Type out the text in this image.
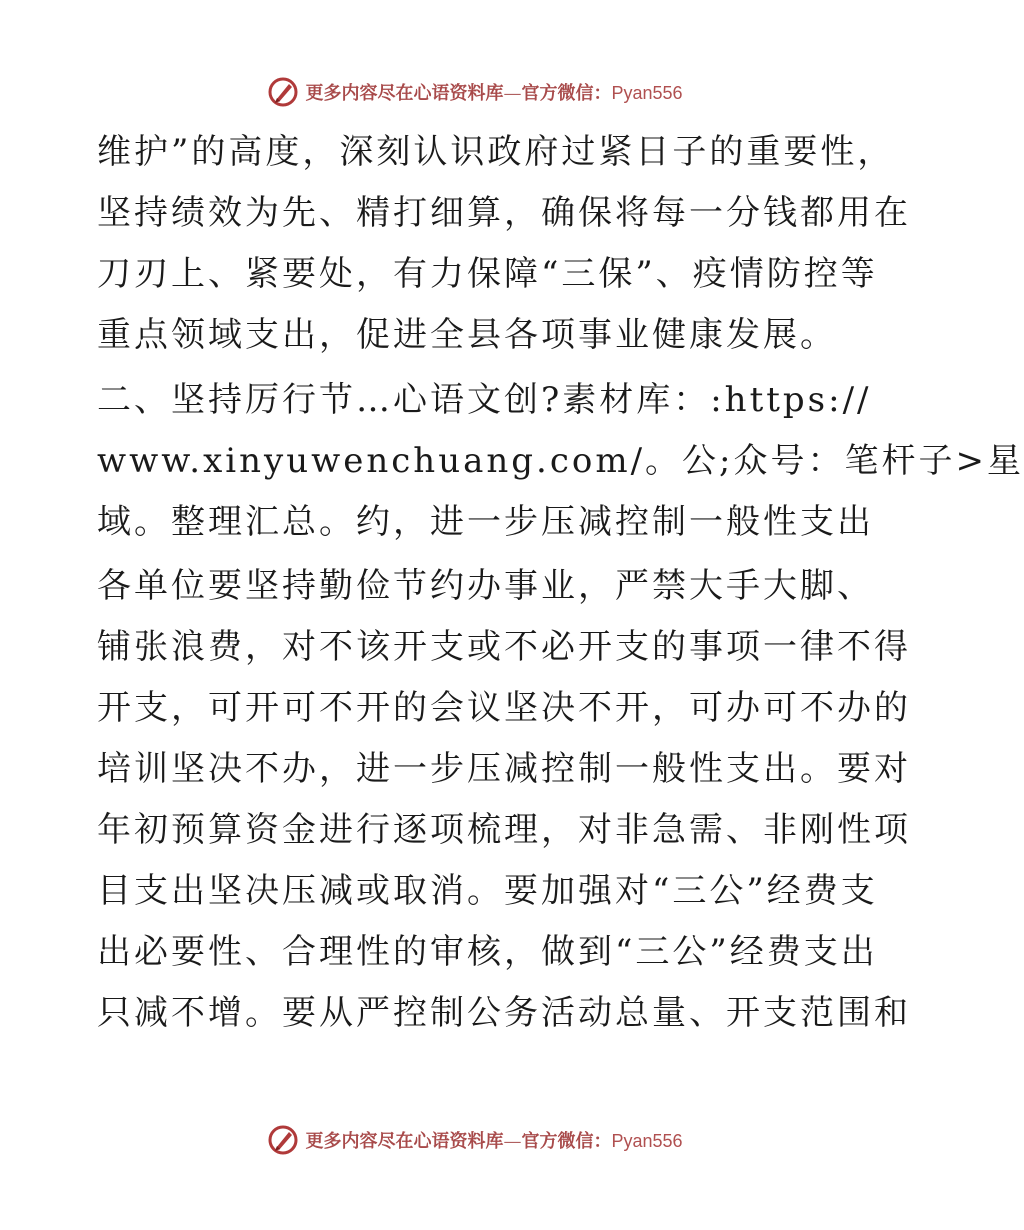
更多内容尽在心语资料库—官方微信：Pyan556
维护”的高度，深刻认识政府过紧日子的重要性，
坚持绩效为先、精打细算，确保将每一分钱都用在
刀刃上、紧要处，有力保障“三保”、疫情防控等
重点领域支出，促进全县各项事业健康发展。
二、坚持厉行节…心语文创?素材库：:https://
www.xinyuwenchuang.com/。公;众号：笔杆子>星
域。整理汇总。约，进一步压减控制一般性支出
各单位要坚持勤俭节约办事业，严禁大手大脚、
铺张浪费，对不该开支或不必开支的事项一律不得
开支，可开可不开的会议坚决不开，可办可不办的
培训坚决不办，进一步压减控制一般性支出。要对
年初预算资金进行逐项梳理，对非急需、非刚性项
目支出坚决压减或取消。要加强对“三公”经费支
出必要性、合理性的审核，做到“三公”经费支出
只减不增。要从严控制公务活动总量、开支范围和
更多内容尽在心语资料库—官方微信：Pyan556
